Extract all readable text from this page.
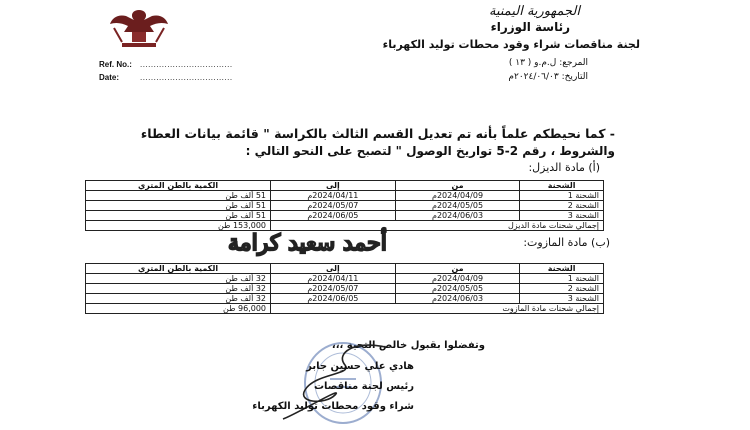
الجمهورية اليمنية
رئاسة الوزراء
لجنة مناقصات شراء وقود محطات توليد الكهرباء
Ref. No.: ..................................
Date:	..................................
المرجع: ل.م.و ( ١٣ )
التاريخ: ٢٠٢٤/٠٦/٠٣م
- كما نحيطكم علماً بأنه تم تعديل القسم الثالث بالكراسة " قائمة بيانات العطاء
والشروط ، رقم 2-5 تواريخ الوصول " لتصبح على النحو التالي :
(أ) مادة الديزل:
الشحنة	من	إلى	الكمية بالطن المتري
الشحنة 1	2024/04/09م	2024/04/11م	51 ألف طن
الشحنة 2	2024/05/05م	2024/05/07م	51 ألف طن
الشحنة 3	2024/06/03م	2024/06/05م	51 ألف طن
إجمالي شحنات مادة الديزل			153,000 طن
أحمد سعيد كرامة	(ب) مادة المازوت:
الشحنة	من	إلى	الكمية بالطن المتري
الشحنة 1	2024/04/09م	2024/04/11م	32 ألف طن
الشحنة 2	2024/05/05م	2024/05/07م	32 ألف طن
الشحنة 3	2024/06/03م	2024/06/05م	32 ألف طن
إجمالي شحنات مادة المازوت			96,000 طن
وتفضلوا بقبول خالص التحية ،،،
هادي علي حسين جابر
رئيس لجنة مناقصات
شراء وقود محطات توليد الكهرباء
